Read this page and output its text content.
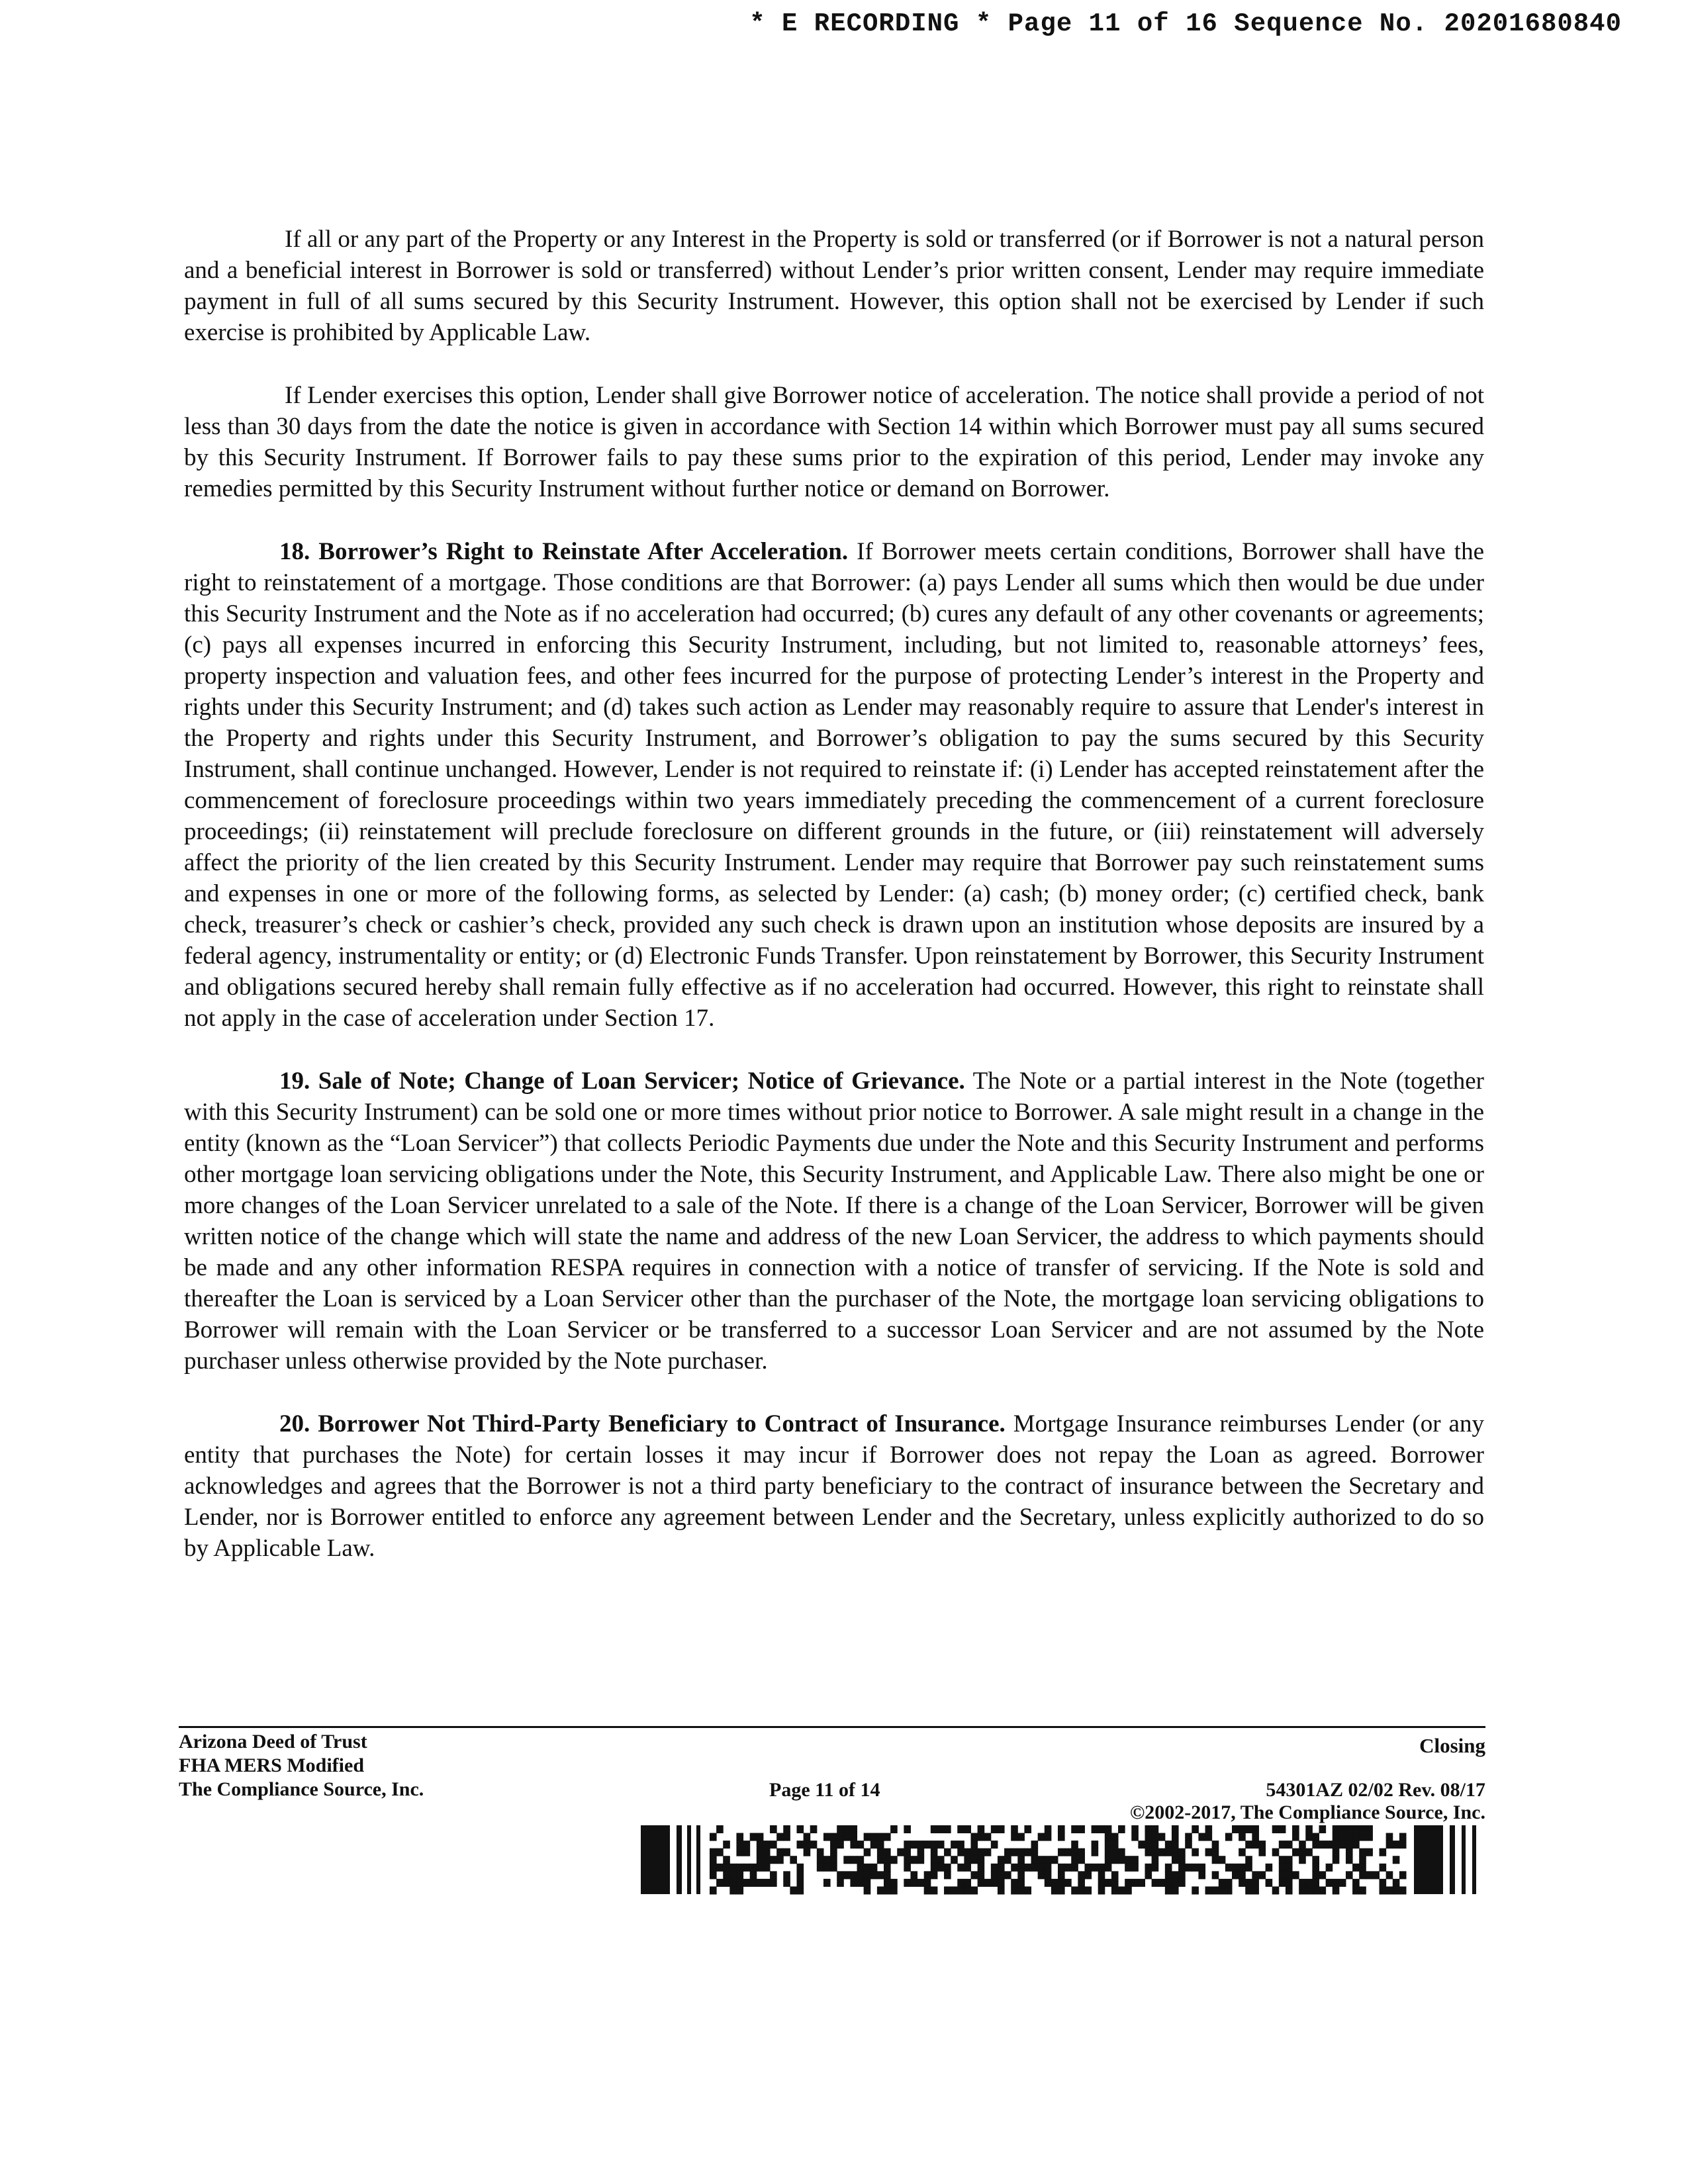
* E RECORDING * Page 11 of 16 Sequence No. 20201680840

If all or any part of the Property or any Interest in the Property is sold or transferred (or if Borrower is not a natural person and a beneficial interest in Borrower is sold or transferred) without Lender’s prior written consent, Lender may require immediate payment in full of all sums secured by this Security Instrument. However, this option shall not be exercised by Lender if such exercise is prohibited by Applicable Law.

If Lender exercises this option, Lender shall give Borrower notice of acceleration. The notice shall provide a period of not less than 30 days from the date the notice is given in accordance with Section 14 within which Borrower must pay all sums secured by this Security Instrument. If Borrower fails to pay these sums prior to the expiration of this period, Lender may invoke any remedies permitted by this Security Instrument without further notice or demand on Borrower.

18. Borrower’s Right to Reinstate After Acceleration. If Borrower meets certain conditions, Borrower shall have the right to reinstatement of a mortgage. Those conditions are that Borrower: (a) pays Lender all sums which then would be due under this Security Instrument and the Note as if no acceleration had occurred; (b) cures any default of any other covenants or agreements; (c) pays all expenses incurred in enforcing this Security Instrument, including, but not limited to, reasonable attorneys’ fees, property inspection and valuation fees, and other fees incurred for the purpose of protecting Lender’s interest in the Property and rights under this Security Instrument; and (d) takes such action as Lender may reasonably require to assure that Lender's interest in the Property and rights under this Security Instrument, and Borrower’s obligation to pay the sums secured by this Security Instrument, shall continue unchanged. However, Lender is not required to reinstate if: (i) Lender has accepted reinstatement after the commencement of foreclosure proceedings within two years immediately preceding the commencement of a current foreclosure proceedings; (ii) reinstatement will preclude foreclosure on different grounds in the future, or (iii) reinstatement will adversely affect the priority of the lien created by this Security Instrument. Lender may require that Borrower pay such reinstatement sums and expenses in one or more of the following forms, as selected by Lender: (a) cash; (b) money order; (c) certified check, bank check, treasurer’s check or cashier’s check, provided any such check is drawn upon an institution whose deposits are insured by a federal agency, instrumentality or entity; or (d) Electronic Funds Transfer. Upon reinstatement by Borrower, this Security Instrument and obligations secured hereby shall remain fully effective as if no acceleration had occurred. However, this right to reinstate shall not apply in the case of acceleration under Section 17.

19. Sale of Note; Change of Loan Servicer; Notice of Grievance. The Note or a partial interest in the Note (together with this Security Instrument) can be sold one or more times without prior notice to Borrower. A sale might result in a change in the entity (known as the “Loan Servicer”) that collects Periodic Payments due under the Note and this Security Instrument and performs other mortgage loan servicing obligations under the Note, this Security Instrument, and Applicable Law. There also might be one or more changes of the Loan Servicer unrelated to a sale of the Note. If there is a change of the Loan Servicer, Borrower will be given written notice of the change which will state the name and address of the new Loan Servicer, the address to which payments should be made and any other information RESPA requires in connection with a notice of transfer of servicing. If the Note is sold and thereafter the Loan is serviced by a Loan Servicer other than the purchaser of the Note, the mortgage loan servicing obligations to Borrower will remain with the Loan Servicer or be transferred to a successor Loan Servicer and are not assumed by the Note purchaser unless otherwise provided by the Note purchaser.

20. Borrower Not Third-Party Beneficiary to Contract of Insurance. Mortgage Insurance reimburses Lender (or any entity that purchases the Note) for certain losses it may incur if Borrower does not repay the Loan as agreed. Borrower acknowledges and agrees that the Borrower is not a third party beneficiary to the contract of insurance between the Secretary and Lender, nor is Borrower entitled to enforce any agreement between Lender and the Secretary, unless explicitly authorized to do so by Applicable Law.

Arizona Deed of Trust
FHA MERS Modified
The Compliance Source, Inc.
Closing
Page 11 of 14	54301AZ 02/02 Rev. 08/17
©2002-2017, The Compliance Source, Inc.
